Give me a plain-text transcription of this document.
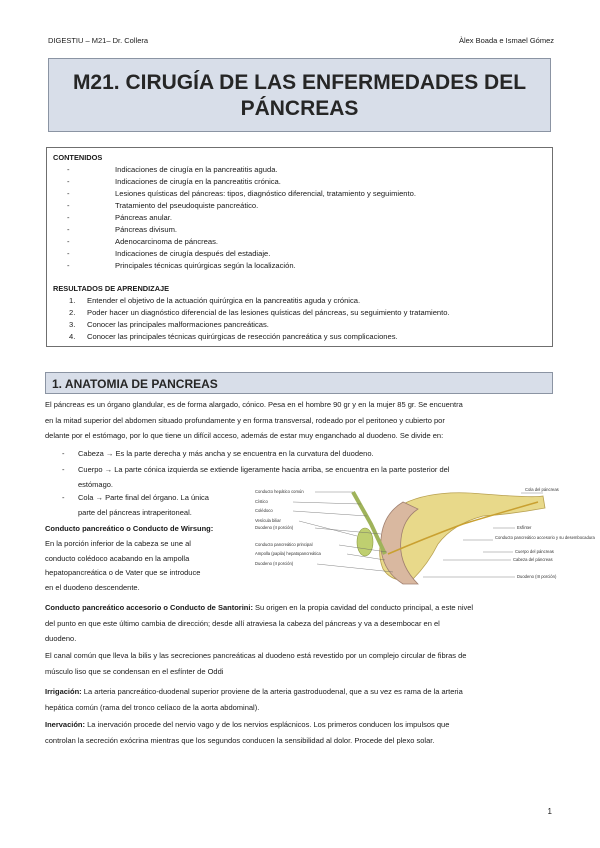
DIGESTIU – M21– Dr. Collera	Àlex Boada e Ismael Gómez
M21. CIRUGÍA DE LAS ENFERMEDADES DEL
PÁNCREAS
CONTENIDOS
-	Indicaciones de cirugía en la pancreatitis aguda.
-	Indicaciones de cirugía en la pancreatitis crónica.
-	Lesiones quísticas del páncreas: tipos, diagnóstico diferencial, tratamiento y seguimiento.
-	Tratamiento del pseudoquiste pancreático.
-	Páncreas anular.
-	Páncreas divisum.
-	Adenocarcinoma de páncreas.
-	Indicaciones de cirugía después del estadiaje.
-	Principales técnicas quirúrgicas según la localización.
RESULTADOS DE APRENDIZAJE
1.	Entender el objetivo de la actuación quirúrgica en la pancreatitis aguda y crónica.
2.	Poder hacer un diagnóstico diferencial de las lesiones quísticas del páncreas, su seguimiento y tratamiento.
3.	Conocer las principales malformaciones pancreáticas.
4.	Conocer las principales técnicas quirúrgicas de resección pancreática y sus complicaciones.
1. ANATOMIA DE PANCREAS
El páncreas es un órgano glandular, es de forma alargado, cónico. Pesa en el hombre 90 gr y en la mujer 85 gr. Se encuentra
en la mitad superior del abdomen situado profundamente y en forma transversal, rodeado por el peritoneo y cubierto por
delante por el estómago, por lo que tiene un difícil acceso, además de estar muy enganchado al duodeno. Se divide en:
- Cabeza → Es la parte derecha y más ancha y se encuentra en la curvatura del duodeno.
- Cuerpo → La parte cónica izquierda se extiende ligeramente hacia arriba, se encuentra en la parte posterior del
estómago.
- Cola → Parte final del órgano. La única
parte del páncreas intraperitoneal.
Conducto pancreático o Conducto de Wirsung:
En la porción inferior de la cabeza se une al
conducto colédoco acabando en la ampolla
hepatopancreática o de Vater que se introduce
en el duodeno descendente.
Conducto hepático común
Cístico
Colédoco
Vesícula biliar
Duodeno (II porción)
Conducto pancreático principal
Ampolla (papila) hepatopancreática
Duodeno (II porción)
Cola del páncreas
Esfínter
Conducto pancreático accesorio y su desembocadura
Cuerpo del páncreas
Cabeza del páncreas
Duodeno (III porción)
Conducto pancreático accesorio o Conducto de Santorini: Su origen en la propia cavidad del conducto principal, a este nivel
del punto en que este último cambia de dirección; desde allí atraviesa la cabeza del páncreas y va a desembocar en el
duodeno.
El canal común que lleva la bilis y las secreciones pancreáticas al duodeno está revestido por un complejo circular de fibras de
músculo liso que se condensan en el esfínter de Oddi
Irrigación: La arteria pancreático-duodenal superior proviene de la arteria gastroduodenal, que a su vez es rama de la arteria
hepática común (rama del tronco celíaco de la aorta abdominal).
Inervación: La inervación procede del nervio vago y de los nervios esplácnicos. Los primeros conducen los impulsos que
controlan la secreción exócrina mientras que los segundos conducen la sensibilidad al dolor. Procede del plexo solar.
1
